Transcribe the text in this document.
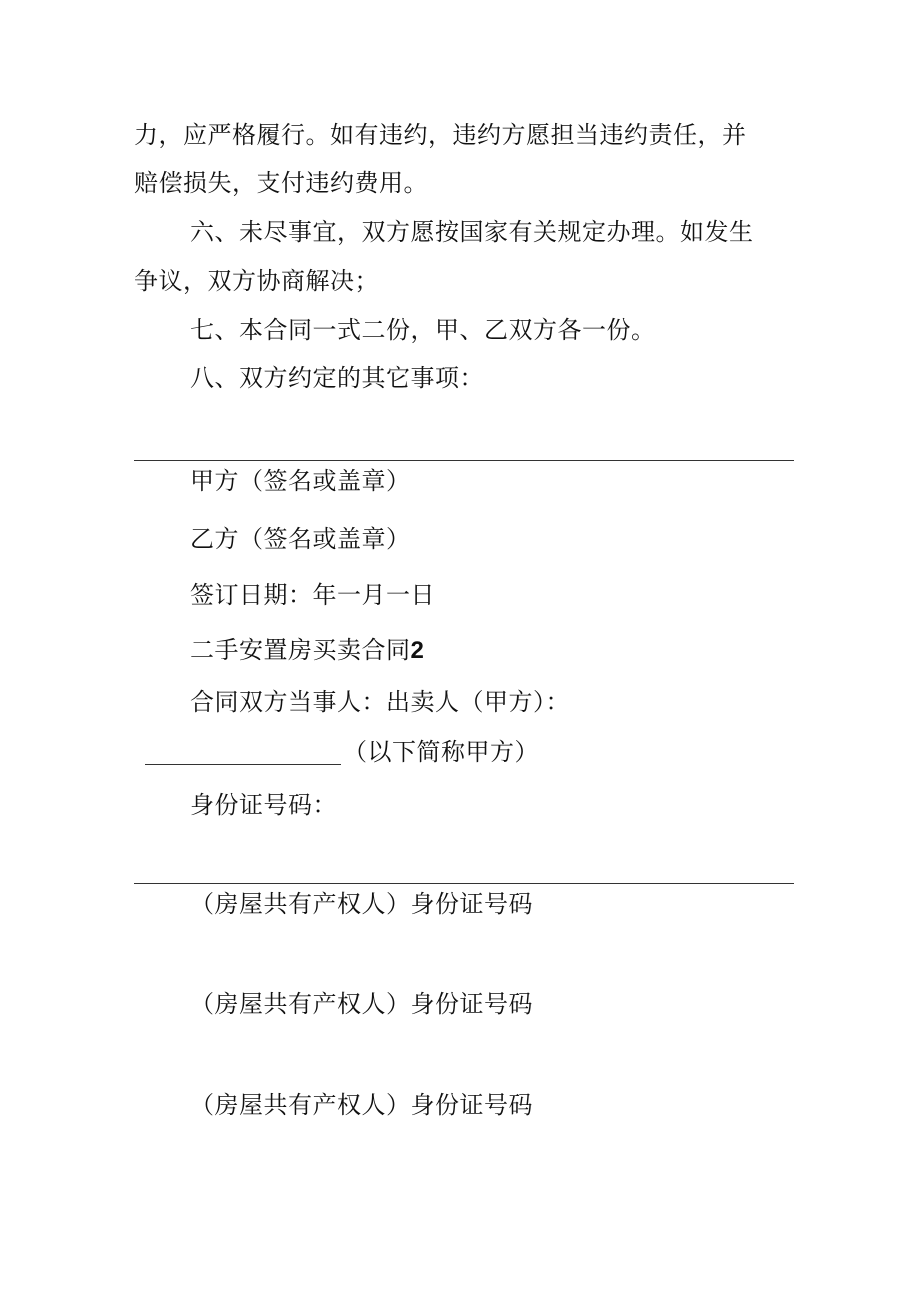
力，应严格履行。如有违约，违约方愿担当违约责任，并
赔偿损失，支付违约费用。
六、未尽事宜，双方愿按国家有关规定办理。如发生
争议，双方协商解决；
七、本合同一式二份，甲、乙双方各一份。
八、双方约定的其它事项：
甲方（签名或盖章）
乙方（签名或盖章）
签订日期：年一月一日
二手安置房买卖合同2
合同双方当事人：出卖人（甲方）：
（以下简称甲方）
身份证号码：
（房屋共有产权人）身份证号码
（房屋共有产权人）身份证号码
（房屋共有产权人）身份证号码
